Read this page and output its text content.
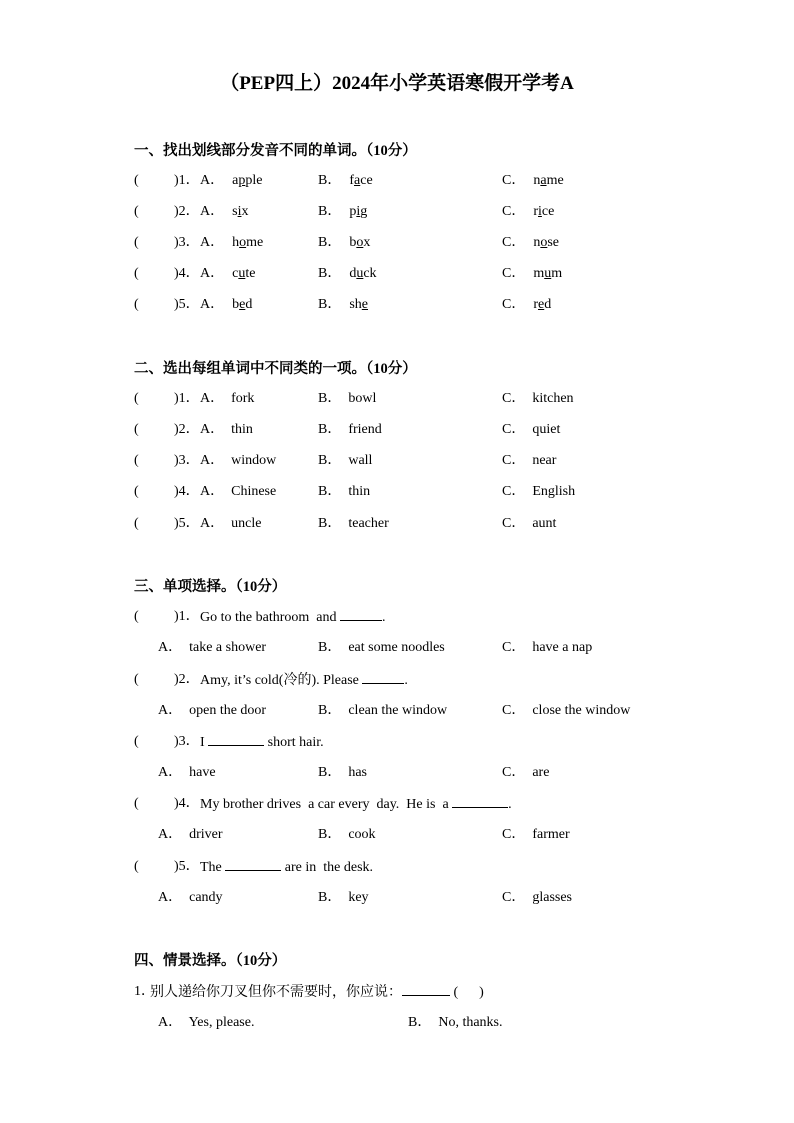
（PEP四上）2024年小学英语寒假开学考A
一、找出划线部分发音不同的单词。（10分）
(	)1． A． apple	B． face	C． name
(	)2． A． six	B． pig	C． rice
(	)3． A． home	B． box	C． nose
(	)4． A． cute	B． duck	C． mum
(	)5． A． bed	B． she	C． red
二、选出每组单词中不同类的一项。（10分）
(	)1． A．  fork	B．  bowl	C．  kitchen
(	)2． A．  thin	B．  friend	C．  quiet
(	)3． A．  window	B．  wall	C．  near
(	)4． A．  Chinese	B．  thin	C．  English
(	)5． A．  uncle	B．  teacher	C．  aunt
三、单项选择。（10分）
(	)1． Go to the bathroom  and	.
A．  take a shower	B．  eat some noodles	C．  have a nap
(	)2． Amy, it’s cold(冷的). Please	.
A．  open the door	B．  clean the window	C．  close the window
(	)3． I	short hair.
A．  have	B．  has	C．  are
(	)4． My brother drives  a car every  day.  He is  a	.
A．  driver	B．  cook	C．  farmer
(	)5． The	are in  the desk.
A．  candy	B．  key	C．  glasses
四、情景选择。（10分）
1．
别人递给你刀叉但你不需要时，你应说：	(      )
A．  Yes, please.	B．  No, thanks.
